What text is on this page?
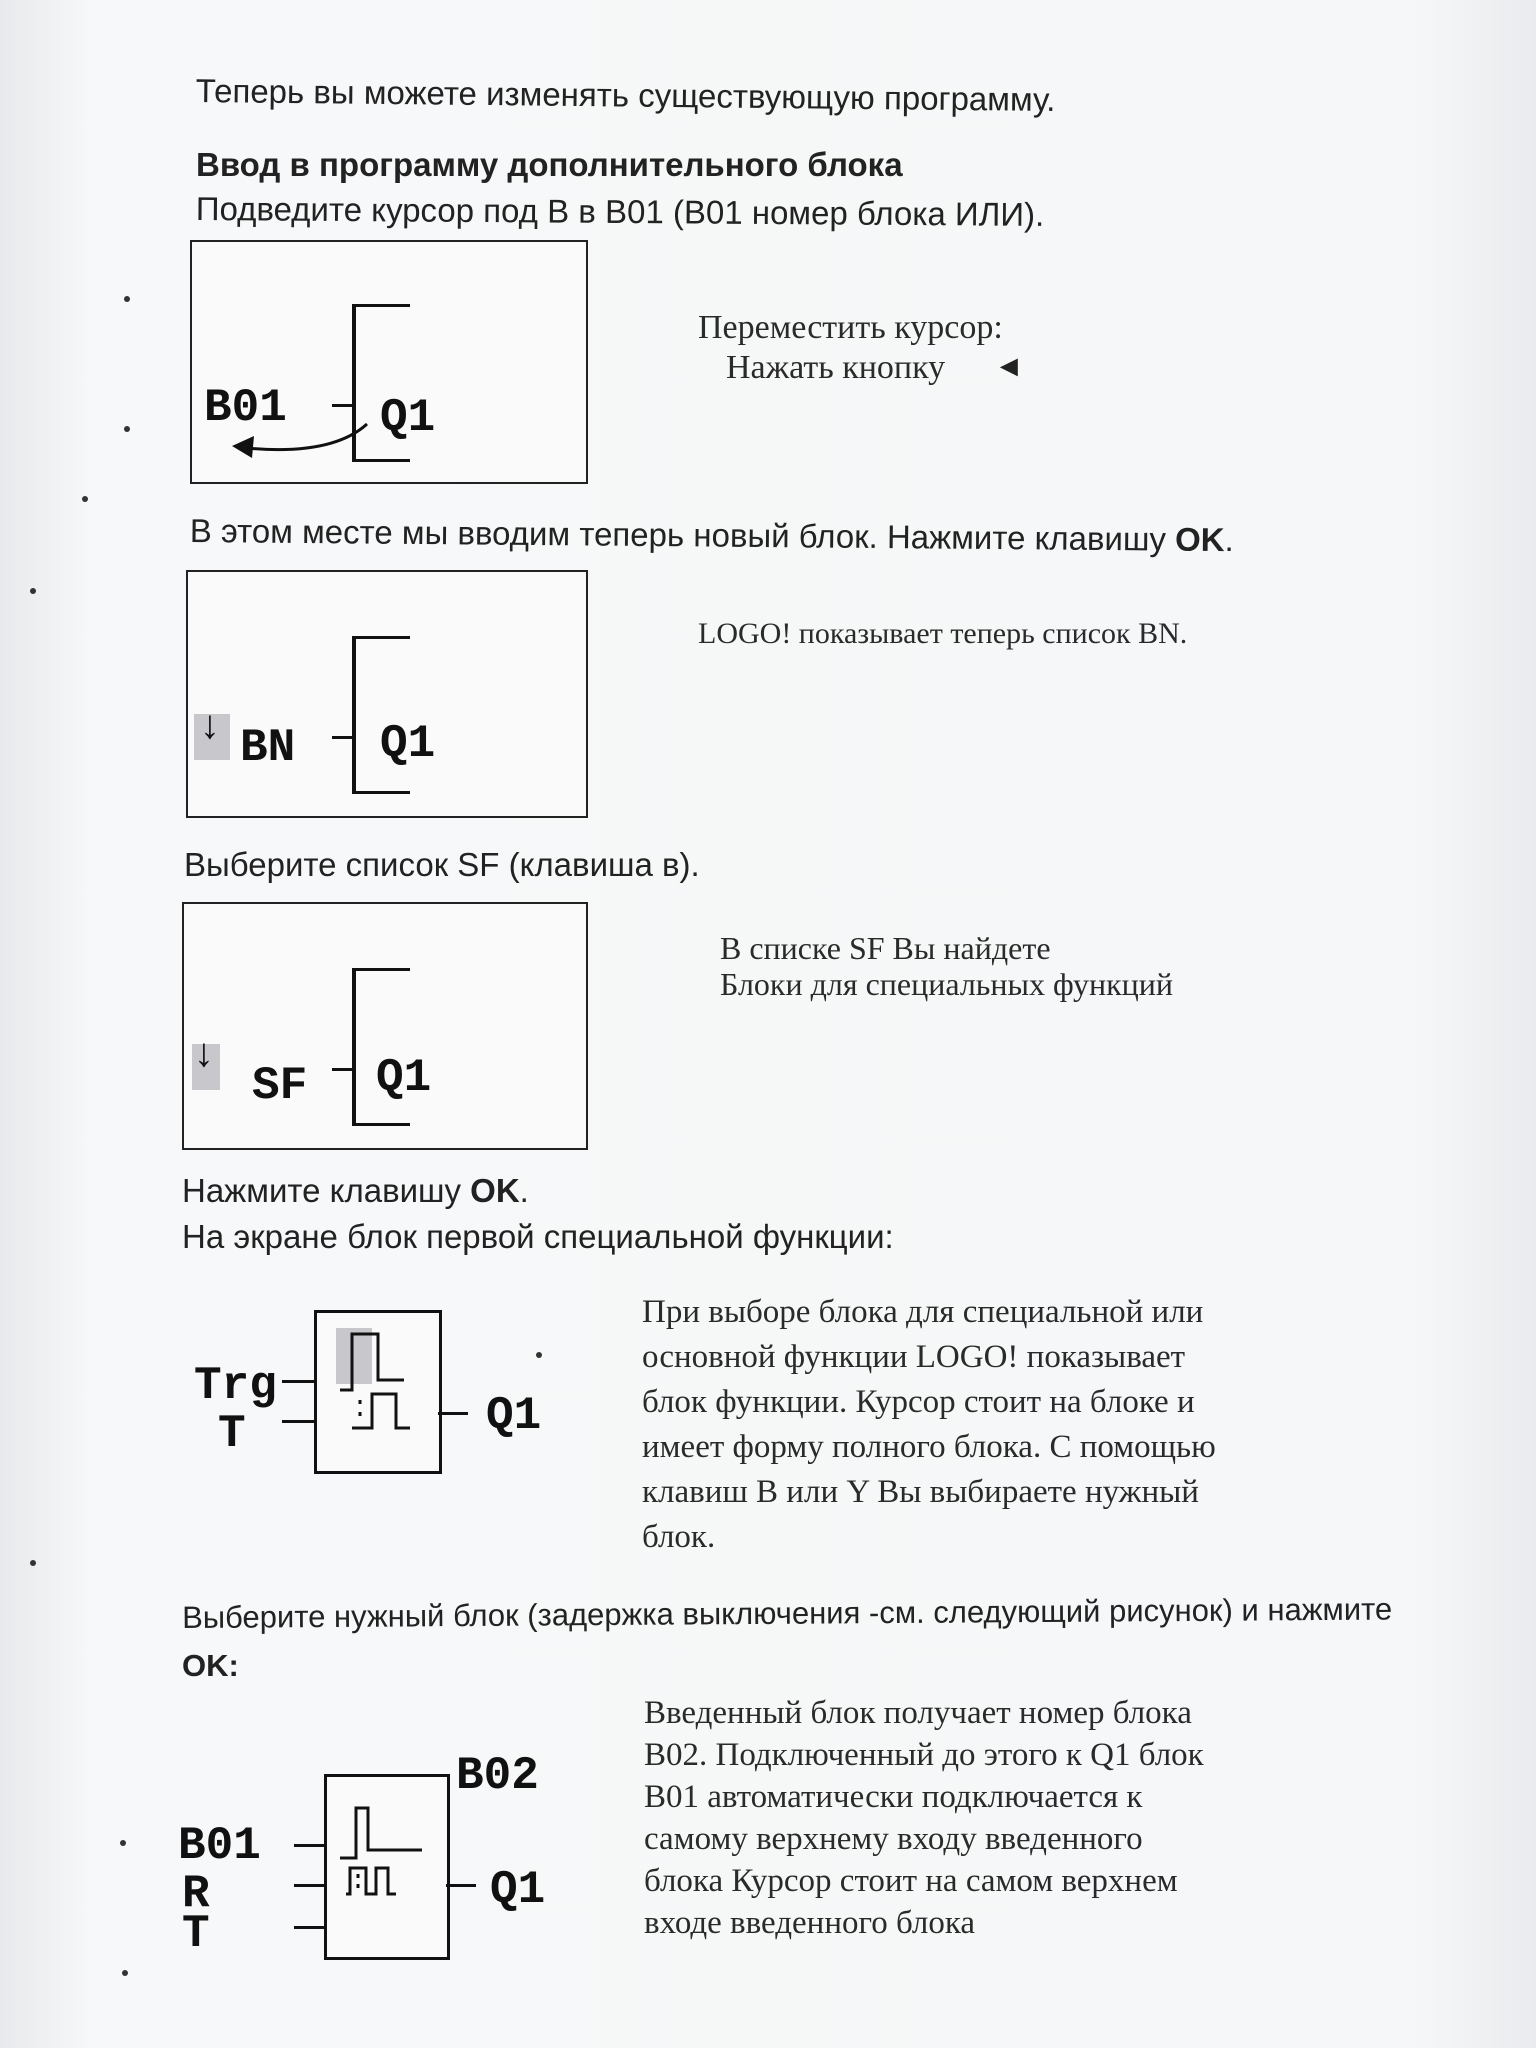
Теперь вы можете изменять существующую программу.
Ввод в программу дополнительного блока
Подведите курсор под B в B01 (B01 номер блока ИЛИ).
B01 Q1
Переместить курсор:
Нажать кнопку ◄
В этом месте мы вводим теперь новый блок. Нажмите клавишу OK.
↓ BN Q1
LOGO! показывает теперь список BN.
Выберите список SF (клавиша в).
↓
SF Q1
В списке SF Вы найдете
Блоки для специальных функций
Нажмите клавишу OK.
На экране блок первой специальной функции:
Trg
T	Q1
При выборе блока для специальной или
основной функции LOGO! показывает
блок функции. Курсор стоит на блоке и
имеет форму полного блока. С помощью
клавиш B или Y Вы выбираете нужный
блок.
Выберите нужный блок (задержка выключения -см. следующий рисунок) и нажмите
OK:
B02
B01
R
T
Q1
Введенный блок получает номер блока
B02. Подключенный до этого к Q1 блок
B01 автоматически подключается к
самому верхнему входу введенного
блока Курсор стоит на самом верхнем
входе введенного блока
